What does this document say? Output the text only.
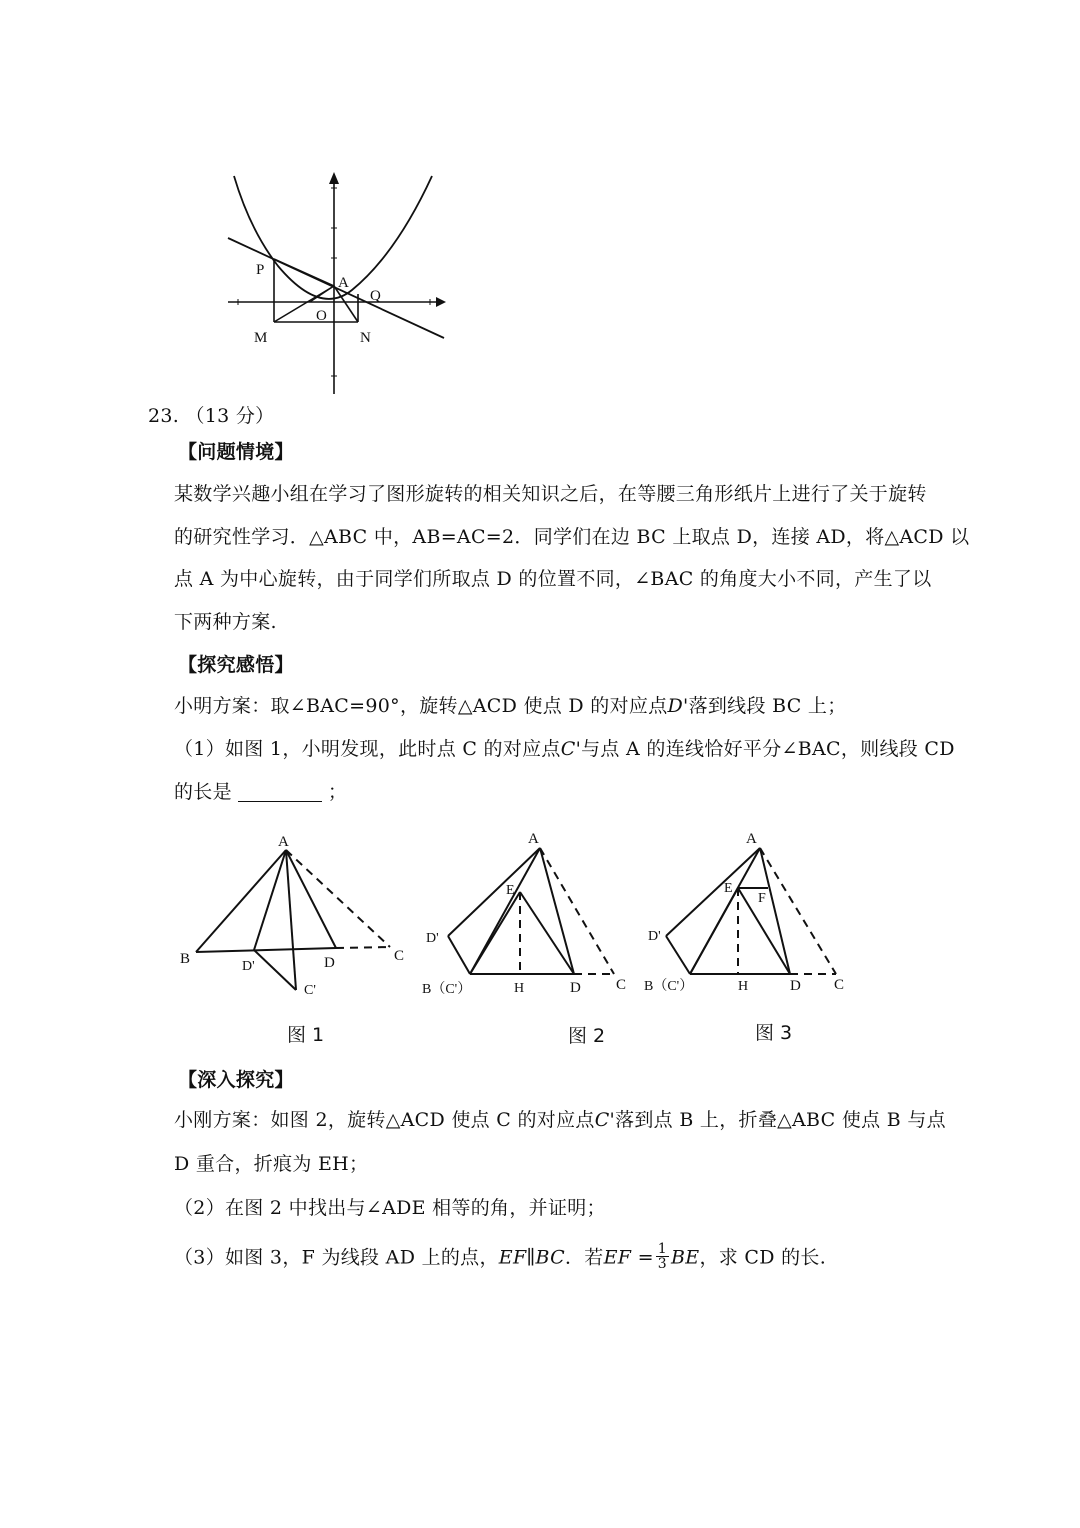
P
A
Q
O
M	N
23. （13 分）
【问题情境】
某数学兴趣小组在学习了图形旋转的相关知识之后，在等腰三角形纸片上进行了关于旋转
的研究性学习．△ABC 中，AB=AC=2．同学们在边 BC 上取点 D，连接 AD，将△ACD 以
点 A 为中心旋转，由于同学们所取点 D 的位置不同，∠BAC 的角度大小不同，产生了以
下两种方案.
【探究感悟】
小明方案：取∠BAC=90°，旋转△ACD 使点 D 的对应点D'落到线段 BC 上；
（1）如图 1，小明发现，此时点 C 的对应点C'与点 A 的连线恰好平分∠BAC，则线段 CD
的长是	；
A
B	D'	D	C
C'
图 1
A
E
D'
B（C'）	H	D C
图 2
A
E
F
D'
B（C'）	H	D C
图 3
【深入探究】
小刚方案：如图 2，旋转△ACD 使点 C 的对应点C'落到点 B 上，折叠△ABC 使点 B 与点
D 重合，折痕为 EH；
（2）在图 2 中找出与∠ADE 相等的角，并证明；
（3）如图 3，F 为线段 AD 上的点，EF∥BC．若EF = $\frac{1}{3}$ BE，求 CD 的长.
